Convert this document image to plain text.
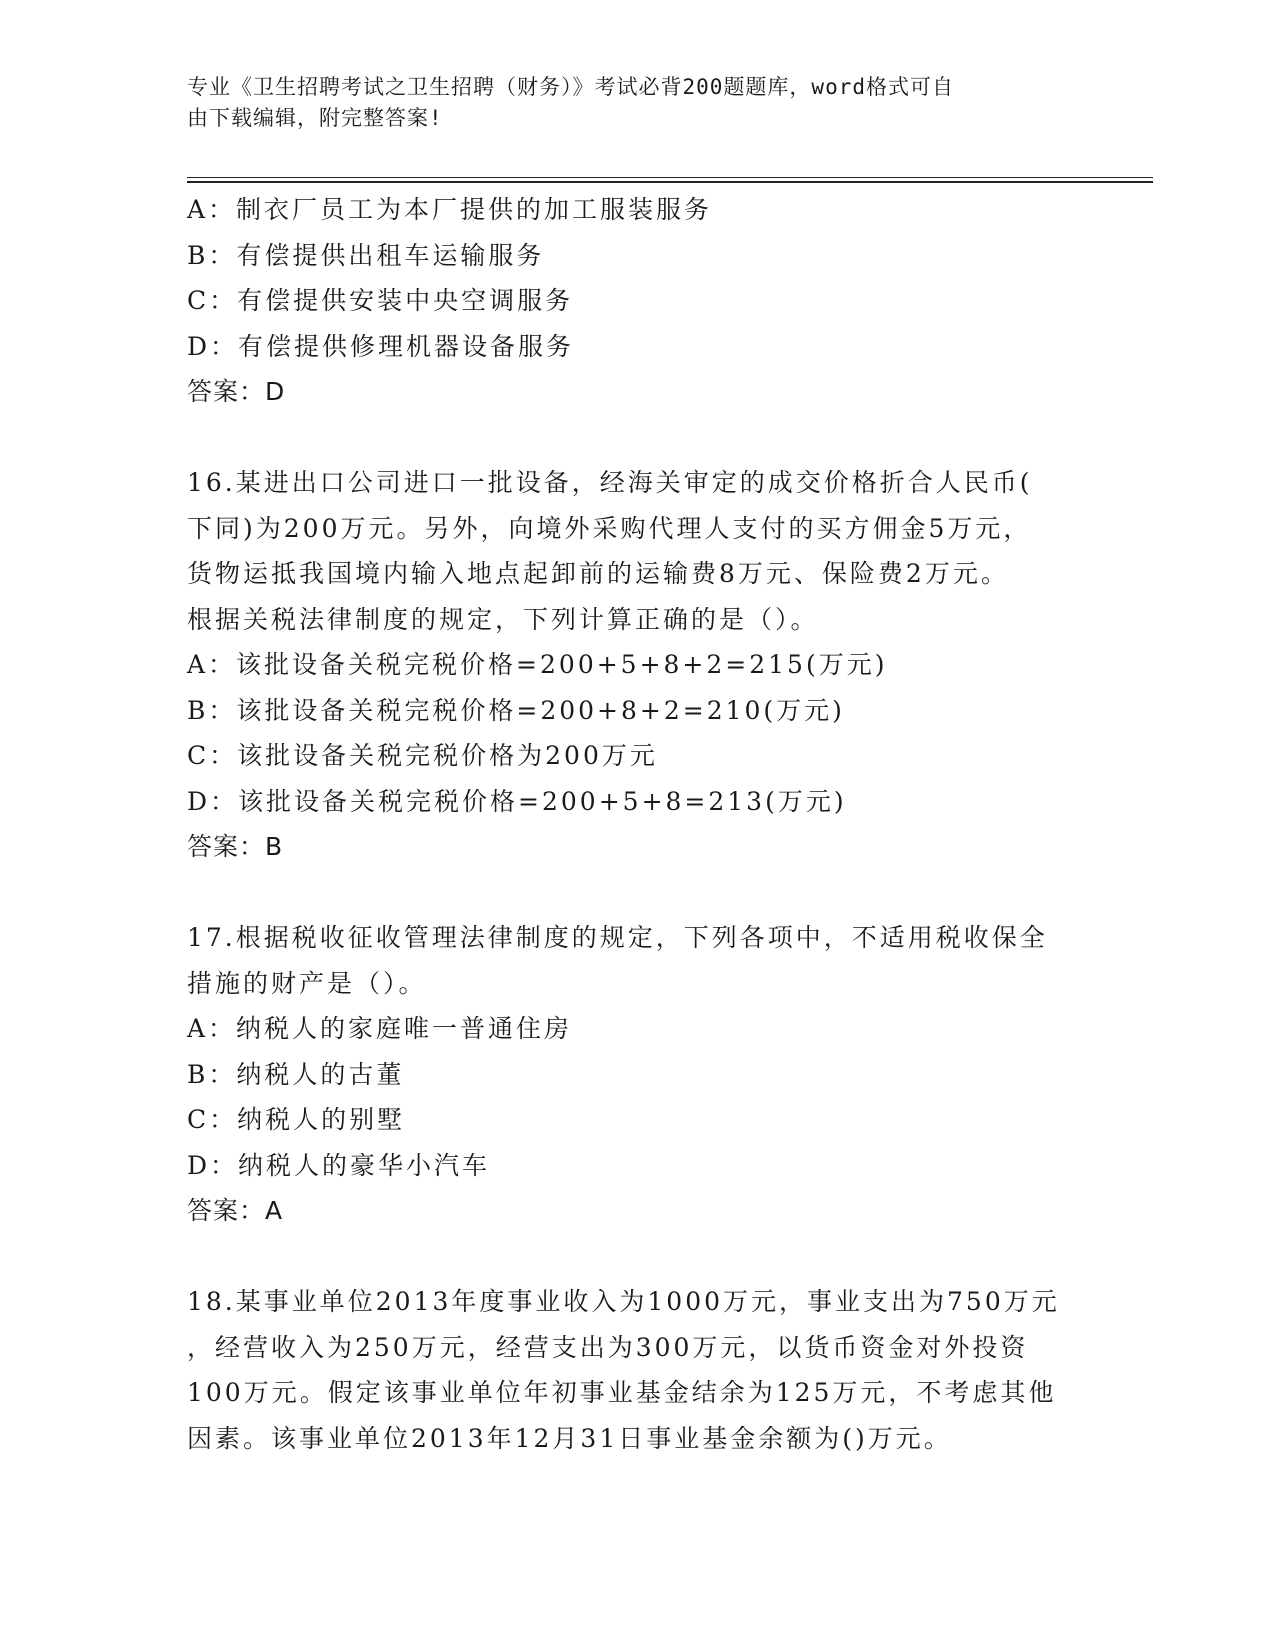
专业《卫生招聘考试之卫生招聘（财务）》考试必背200题题库，word格式可自
由下载编辑，附完整答案!
A：制衣厂员工为本厂提供的加工服装服务
B：有偿提供出租车运输服务
C：有偿提供安装中央空调服务
D：有偿提供修理机器设备服务
答案：D
16.某进出口公司进口一批设备，经海关审定的成交价格折合人民币(
下同)为200万元。另外，向境外采购代理人支付的买方佣金5万元，
货物运抵我国境内输入地点起卸前的运输费8万元、保险费2万元。
根据关税法律制度的规定，下列计算正确的是（）。
A：该批设备关税完税价格=200+5+8+2=215(万元)
B：该批设备关税完税价格=200+8+2=210(万元)
C：该批设备关税完税价格为200万元
D：该批设备关税完税价格=200+5+8=213(万元)
答案：B
17.根据税收征收管理法律制度的规定，下列各项中，不适用税收保全
措施的财产是（）。
A：纳税人的家庭唯一普通住房
B：纳税人的古董
C：纳税人的别墅
D：纳税人的豪华小汽车
答案：A
18.某事业单位2013年度事业收入为1000万元，事业支出为750万元
，经营收入为250万元，经营支出为300万元，以货币资金对外投资
100万元。假定该事业单位年初事业基金结余为125万元，不考虑其他
因素。该事业单位2013年12月31日事业基金余额为()万元。
